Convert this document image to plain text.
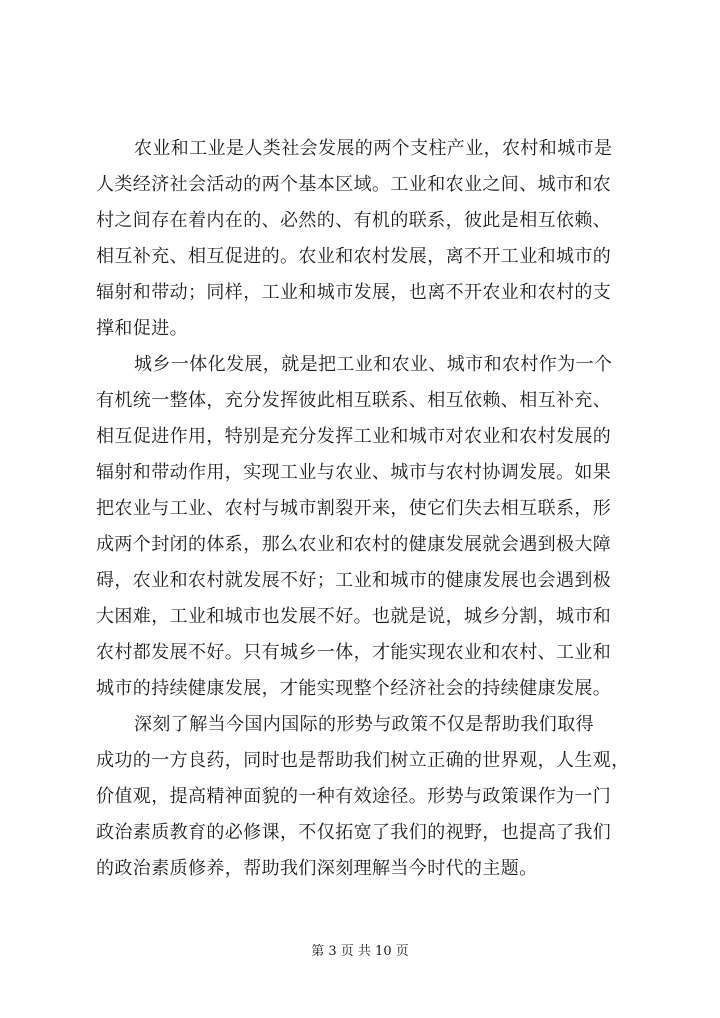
农业和工业是人类社会发展的两个支柱产业，农村和城市是
人类经济社会活动的两个基本区域。工业和农业之间、城市和农
村之间存在着内在的、必然的、有机的联系，彼此是相互依赖、
相互补充、相互促进的。农业和农村发展，离不开工业和城市的
辐射和带动；同样，工业和城市发展，也离不开农业和农村的支
撑和促进。
城乡一体化发展，就是把工业和农业、城市和农村作为一个
有机统一整体，充分发挥彼此相互联系、相互依赖、相互补充、
相互促进作用，特别是充分发挥工业和城市对农业和农村发展的
辐射和带动作用，实现工业与农业、城市与农村协调发展。如果
把农业与工业、农村与城市割裂开来，使它们失去相互联系，形
成两个封闭的体系，那么农业和农村的健康发展就会遇到极大障
碍，农业和农村就发展不好；工业和城市的健康发展也会遇到极
大困难，工业和城市也发展不好。也就是说，城乡分割，城市和
农村都发展不好。只有城乡一体，才能实现农业和农村、工业和
城市的持续健康发展，才能实现整个经济社会的持续健康发展。
深刻了解当今国内国际的形势与政策不仅是帮助我们取得
成功的一方良药，同时也是帮助我们树立正确的世界观，人生观，
价值观，提高精神面貌的一种有效途径。形势与政策课作为一门
政治素质教育的必修课，不仅拓宽了我们的视野，也提高了我们
的政治素质修养，帮助我们深刻理解当今时代的主题。
第 3 页 共 10 页
